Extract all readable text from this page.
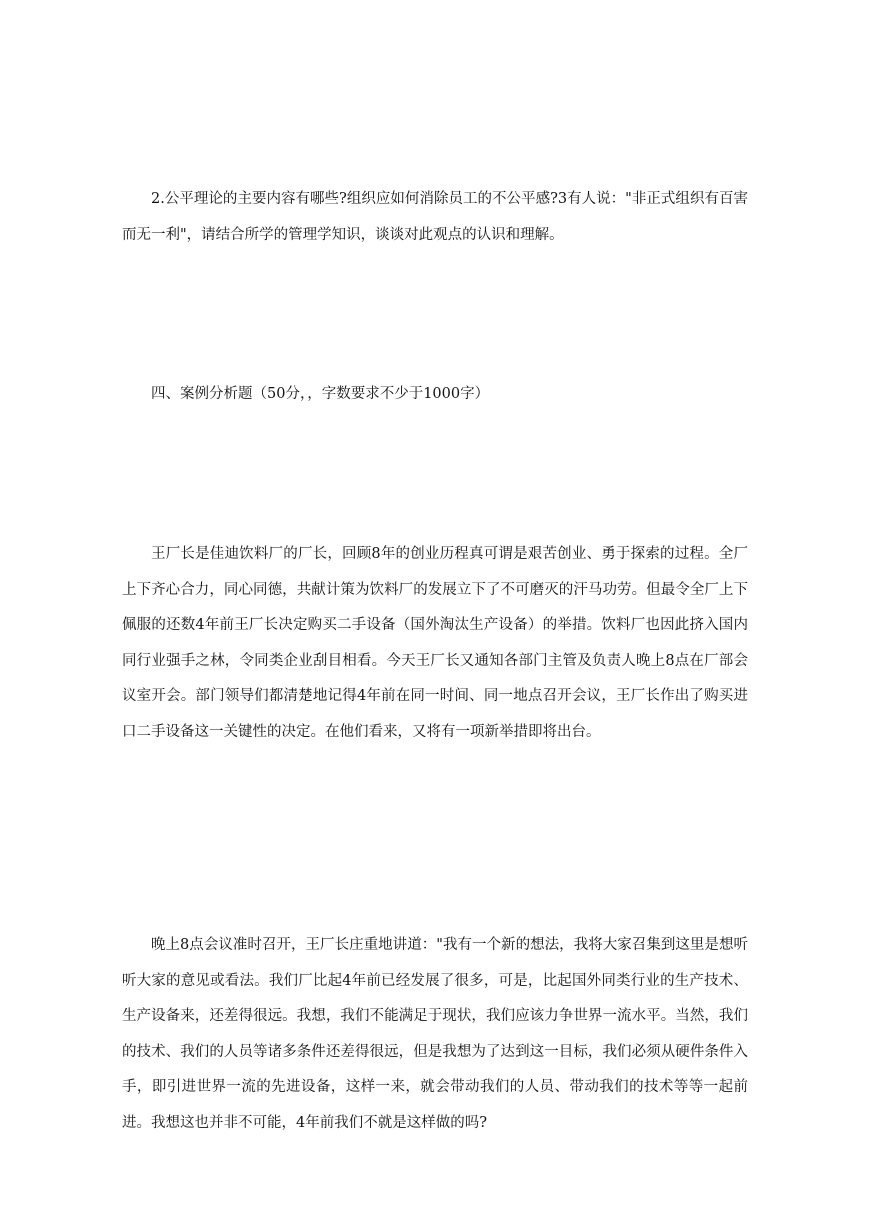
2.公平理论的主要内容有哪些?组织应如何消除员工的不公平感?3有人说："非正式组织有百害而无一利"，请结合所学的管理学知识，谈谈对此观点的认识和理解。

四、案例分析题（50分，，字数要求不少于1000字）

王厂长是佳迪饮料厂的厂长，回顾8年的创业历程真可谓是艰苦创业、勇于探索的过程。全厂上下齐心合力，同心同德，共献计策为饮料厂的发展立下了不可磨灭的汗马功劳。但最令全厂上下佩服的还数4年前王厂长决定购买二手设备（国外淘汰生产设备）的举措。饮料厂也因此挤入国内同行业强手之林，令同类企业刮目相看。今天王厂长又通知各部门主管及负责人晚上8点在厂部会议室开会。部门领导们都清楚地记得4年前在同一时间、同一地点召开会议，王厂长作出了购买进口二手设备这一关键性的决定。在他们看来，又将有一项新举措即将出台。

晚上8点会议准时召开，王厂长庄重地讲道："我有一个新的想法，我将大家召集到这里是想听听大家的意见或看法。我们厂比起4年前已经发展了很多，可是，比起国外同类行业的生产技术、生产设备来，还差得很远。我想，我们不能满足于现状，我们应该力争世界一流水平。当然，我们的技术、我们的人员等诸多条件还差得很远，但是我想为了达到这一目标，我们必须从硬件条件入手，即引进世界一流的先进设备，这样一来，就会带动我们的人员、带动我们的技术等等一起前进。我想这也并非不可能，4年前我们不就是这样做的吗?
